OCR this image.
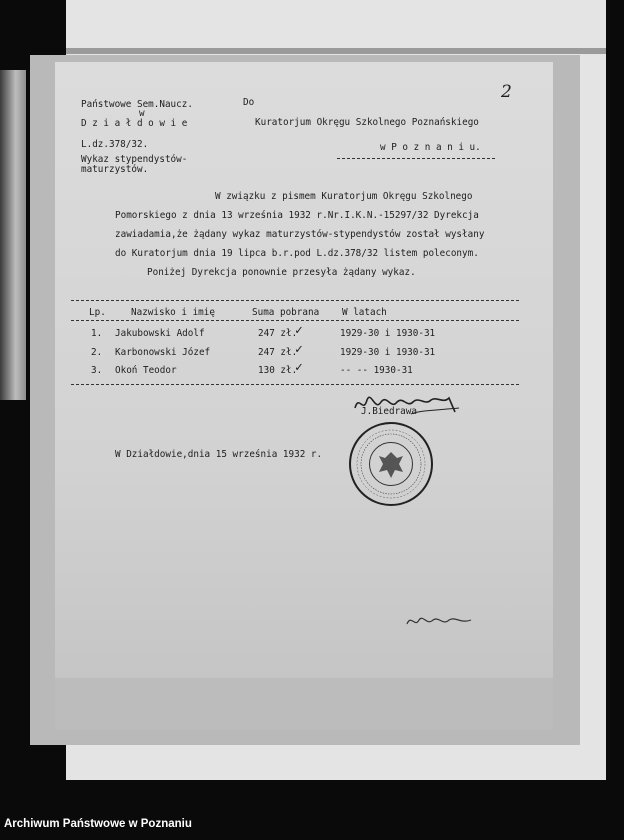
2
Państwowe Sem.Naucz.
w
D z i a ł d o w i e
L.dz.378/32.
Wykaz stypendystów-
maturzystów.
Do
Kuratorjum Okręgu Szkolnego Poznańskiego
w P o z n a n i u.
W związku z pismem Kuratorjum Okręgu Szkolnego
Pomorskiego z dnia 13 września 1932 r.Nr.I.K.N.-15297/32 Dyrekcja
zawiadamia,że żądany wykaz maturzystów-stypendystów został wysłany
do Kuratorjum dnia 19 lipca b.r.pod L.dz.378/32 listem poleconym.
Poniżej Dyrekcja ponownie przesyła żądany wykaz.
Lp.	Nazwisko i imię	Suma pobrana W latach
1. Jakubowski Adolf	247 zł.	1929-30 i 1930-31
2. Karbonowski Józef	247 zł.	1929-30 i 1930-31
3. Okoń Teodor	130 zł.	-- -- 1930-31
✓
✓
✓
J.Biedrawa
W Działdowie,dnia 15 września 1932 r.
Archiwum Państwowe w Poznaniu
